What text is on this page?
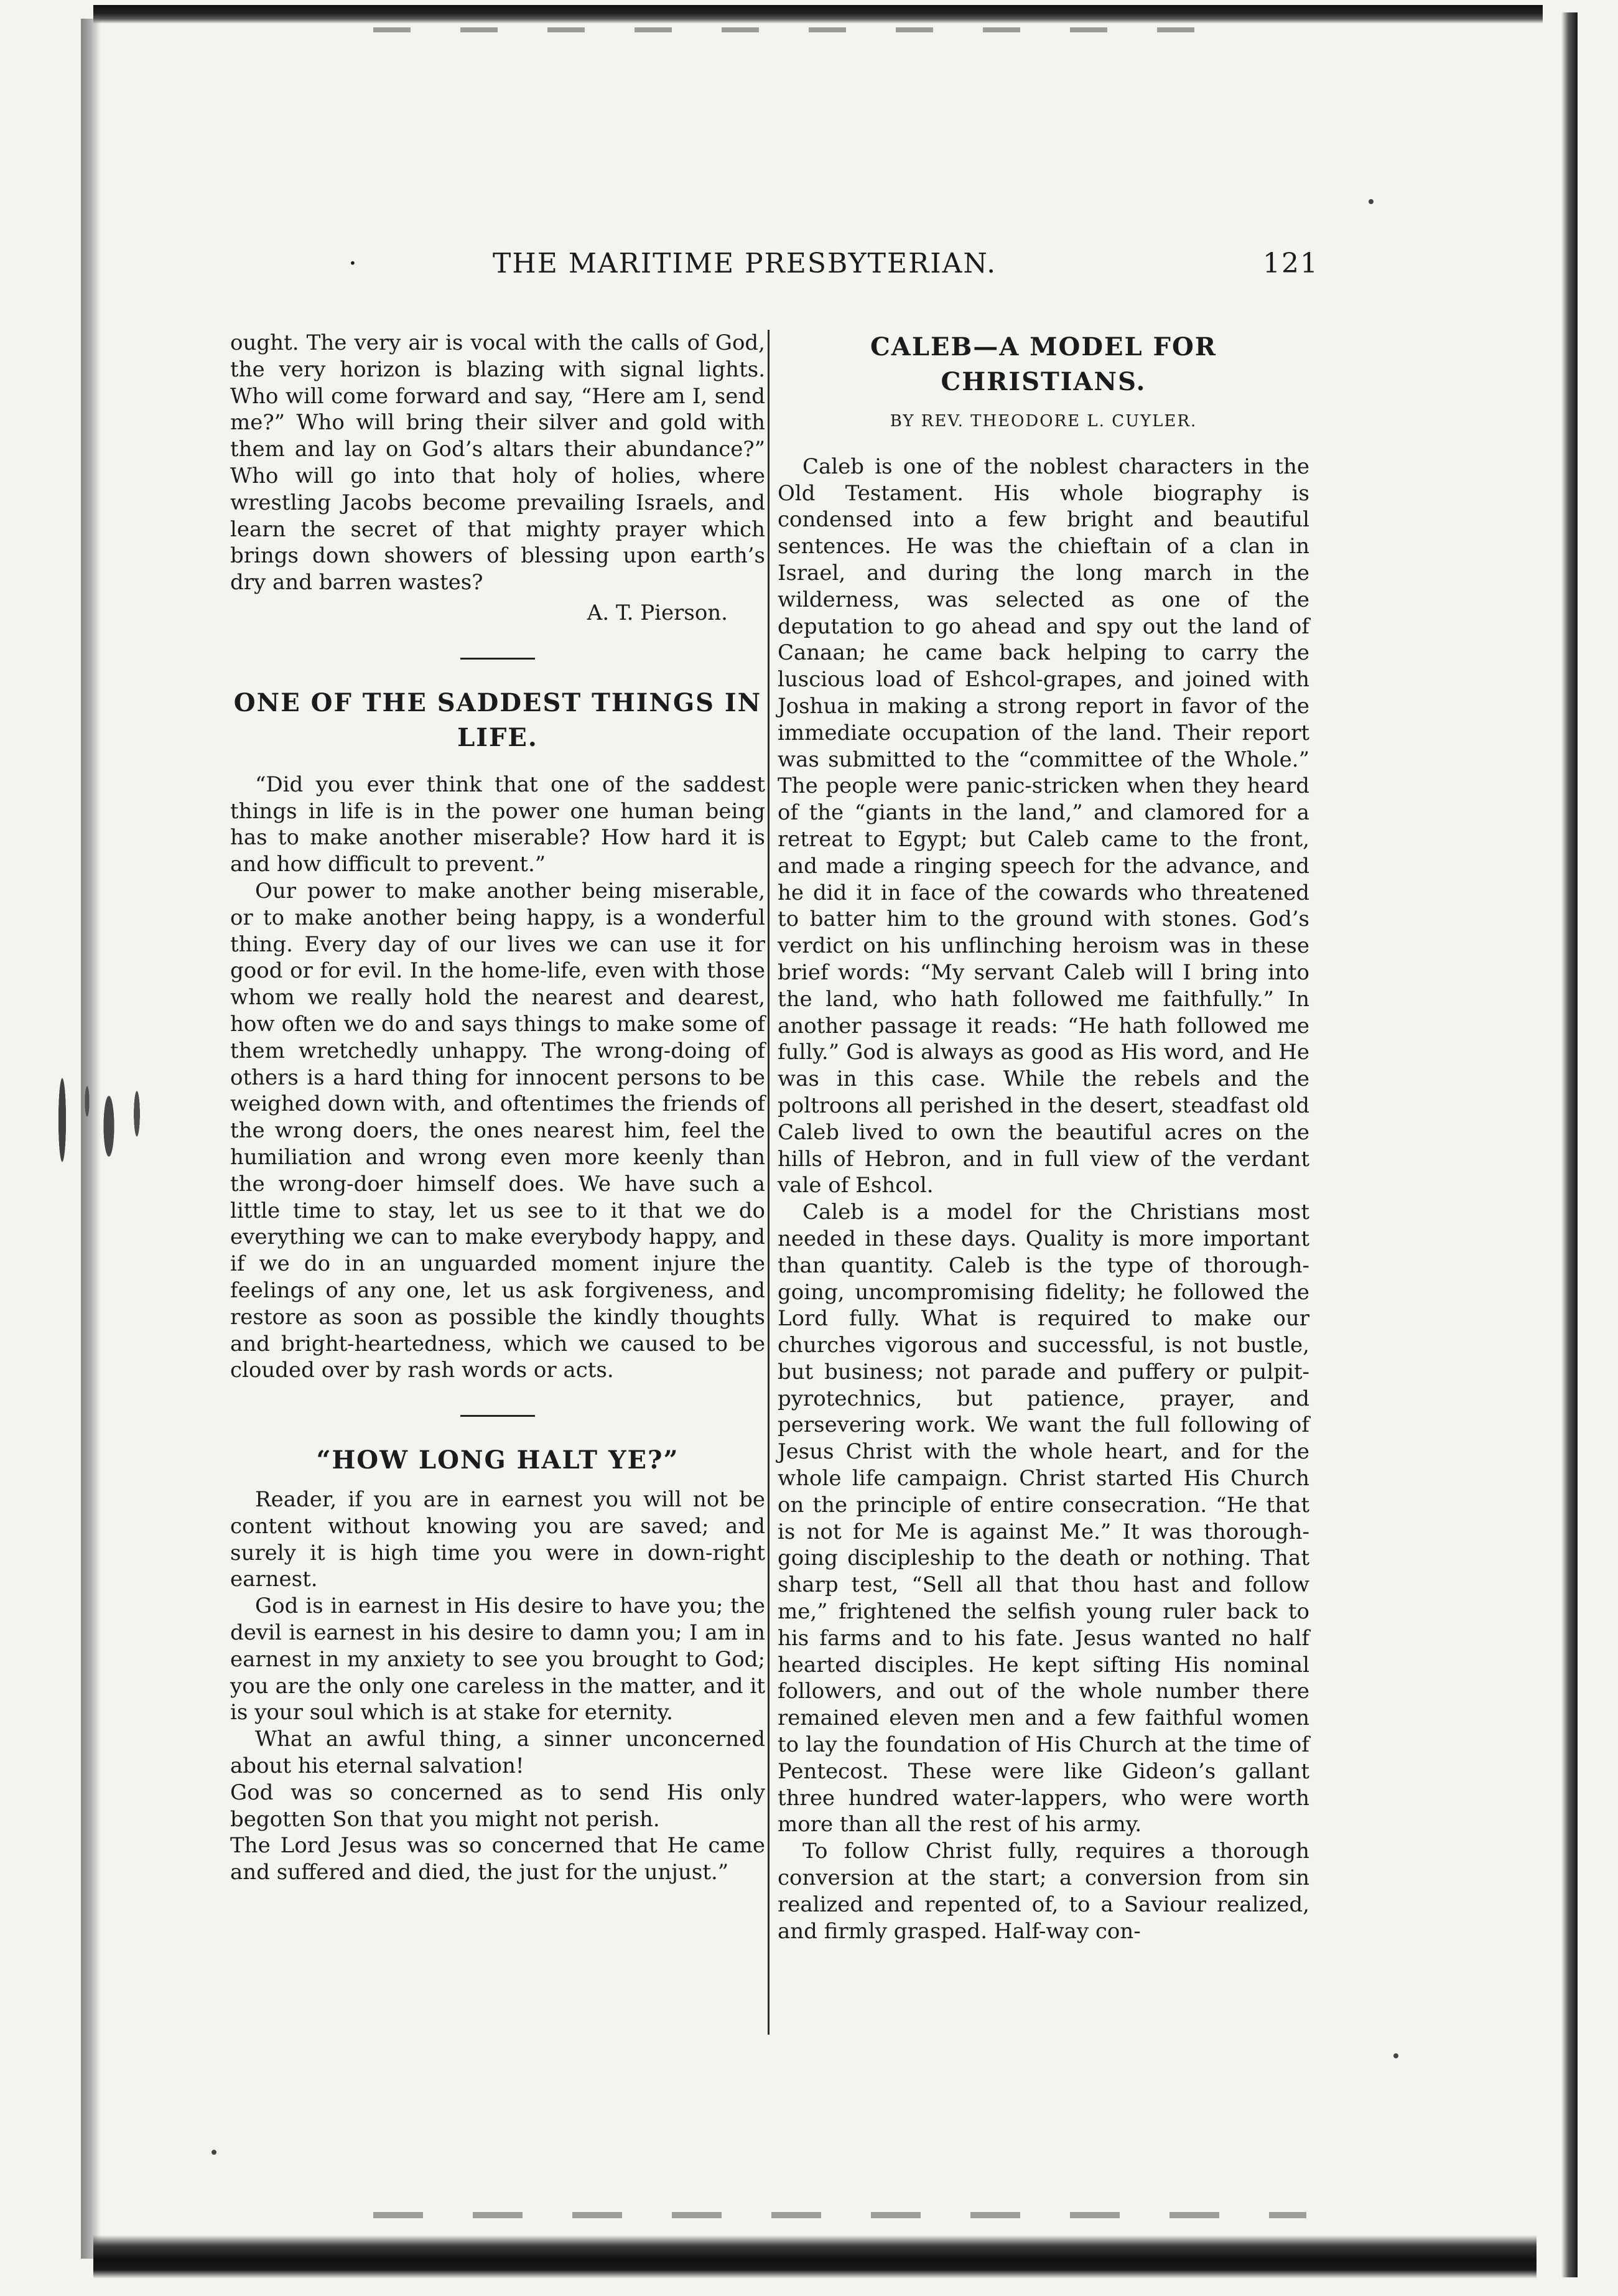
·	THE MARITIME PRESBYTERIAN.	121

ought. The very air is vocal with the calls of God, the very horizon is blazing with signal lights. Who will come forward and say, “Here am I, send me?” Who will bring their silver and gold with them and lay on God’s altars their abundance?” Who will go into that holy of holies, where wrestling Jacobs become prevailing Israels, and learn the secret of that mighty prayer which brings down showers of blessing upon earth’s dry and barren wastes?

A. T. Pierson.

ONE OF THE SADDEST THINGS IN LIFE.

“Did you ever think that one of the saddest things in life is in the power one human being has to make another miserable? How hard it is and how difficult to prevent.”

Our power to make another being miserable, or to make another being happy, is a wonderful thing. Every day of our lives we can use it for good or for evil. In the home-life, even with those whom we really hold the nearest and dearest, how often we do and says things to make some of them wretchedly unhappy. The wrong-doing of others is a hard thing for innocent persons to be weighed down with, and oftentimes the friends of the wrong doers, the ones nearest him, feel the humiliation and wrong even more keenly than the wrong-doer himself does. We have such a little time to stay, let us see to it that we do everything we can to make everybody happy, and if we do in an unguarded moment injure the feelings of any one, let us ask forgiveness, and restore as soon as possible the kindly thoughts and bright-heartedness, which we caused to be clouded over by rash words or acts.

“HOW LONG HALT YE?”

Reader, if you are in earnest you will not be content without knowing you are saved; and surely it is high time you were in down-right earnest.

God is in earnest in His desire to have you; the devil is earnest in his desire to damn you; I am in earnest in my anxiety to see you brought to God; you are the only one careless in the matter, and it is your soul which is at stake for eternity.

What an awful thing, a sinner unconcerned about his eternal salvation!

God was so concerned as to send His only begotten Son that you might not perish.

The Lord Jesus was so concerned that He came and suffered and died, the just for the unjust.”

CALEB—A MODEL FOR CHRISTIANS.

BY REV. THEODORE L. CUYLER.

Caleb is one of the noblest characters in the Old Testament. His whole biography is condensed into a few bright and beautiful sentences. He was the chieftain of a clan in Israel, and during the long march in the wilderness, was selected as one of the deputation to go ahead and spy out the land of Canaan; he came back helping to carry the luscious load of Eshcol-grapes, and joined with Joshua in making a strong report in favor of the immediate occupation of the land. Their report was submitted to the “committee of the Whole.” The people were panic-stricken when they heard of the “giants in the land,” and clamored for a retreat to Egypt; but Caleb came to the front, and made a ringing speech for the advance, and he did it in face of the cowards who threatened to batter him to the ground with stones. God’s verdict on his unflinching heroism was in these brief words: “My servant Caleb will I bring into the land, who hath followed me faithfully.” In another passage it reads: “He hath followed me fully.” God is always as good as His word, and He was in this case. While the rebels and the poltroons all perished in the desert, steadfast old Caleb lived to own the beautiful acres on the hills of Hebron, and in full view of the verdant vale of Eshcol.

Caleb is a model for the Christians most needed in these days. Quality is more important than quantity. Caleb is the type of thorough-going, uncompromising fidelity; he followed the Lord fully. What is required to make our churches vigorous and successful, is not bustle, but business; not parade and puffery or pulpit-pyrotechnics, but patience, prayer, and persevering work. We want the full following of Jesus Christ with the whole heart, and for the whole life campaign. Christ started His Church on the principle of entire consecration. “He that is not for Me is against Me.” It was thorough-going discipleship to the death or nothing. That sharp test, “Sell all that thou hast and follow me,” frightened the selfish young ruler back to his farms and to his fate. Jesus wanted no half hearted disciples. He kept sifting His nominal followers, and out of the whole number there remained eleven men and a few faithful women to lay the foundation of His Church at the time of Pentecost. These were like Gideon’s gallant three hundred water-lappers, who were worth more than all the rest of his army.

To follow Christ fully, requires a thorough conversion at the start; a conversion from sin realized and repented of, to a Saviour realized, and firmly grasped. Half-way con-
